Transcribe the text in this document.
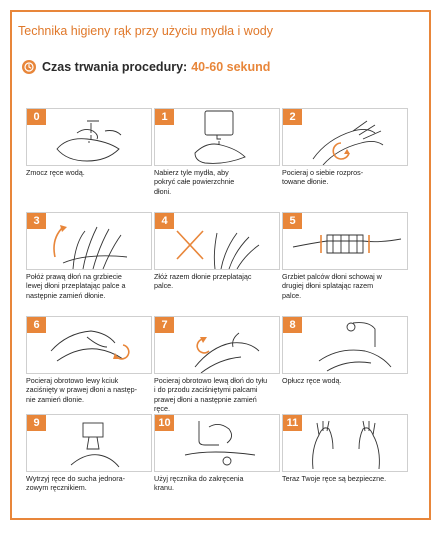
Technika higieny rąk przy użyciu mydła i wody
Czas trwania procedury: 40-60 sekund
0
Zmocz ręce wodą.
1
Nabierz tyle mydła, aby
pokryć całe powierzchnie
dłoni.
2
Pocieraj o siebie rozpros-
towane dłonie.
3
Połóż prawą dłoń na grzbiecie
lewej dłoni przeplatając palce a
następnie zamień dłonie.
4
Złóż razem dłonie przeplatając
palce.
5
Grzbiet palców dłoni schowaj w
drugiej dłoni splatając razem
palce.
6
Pocieraj obrotowo lewy kciuk
zaciśnięty w prawej dłoni a następ-
nie zamień dłonie.
7
Pocieraj obrotowo lewą dłoń do tyłu
i do przodu zaciśniętymi palcami
prawej dłoni a następnie zamień
ręce.
8
Opłucz ręce wodą.
9
Wytrzyj ręce do sucha jednora-
zowym ręcznikiem.
10
Użyj ręcznika do zakręcenia
kranu.
11
Teraz Twoje ręce są bezpieczne.
